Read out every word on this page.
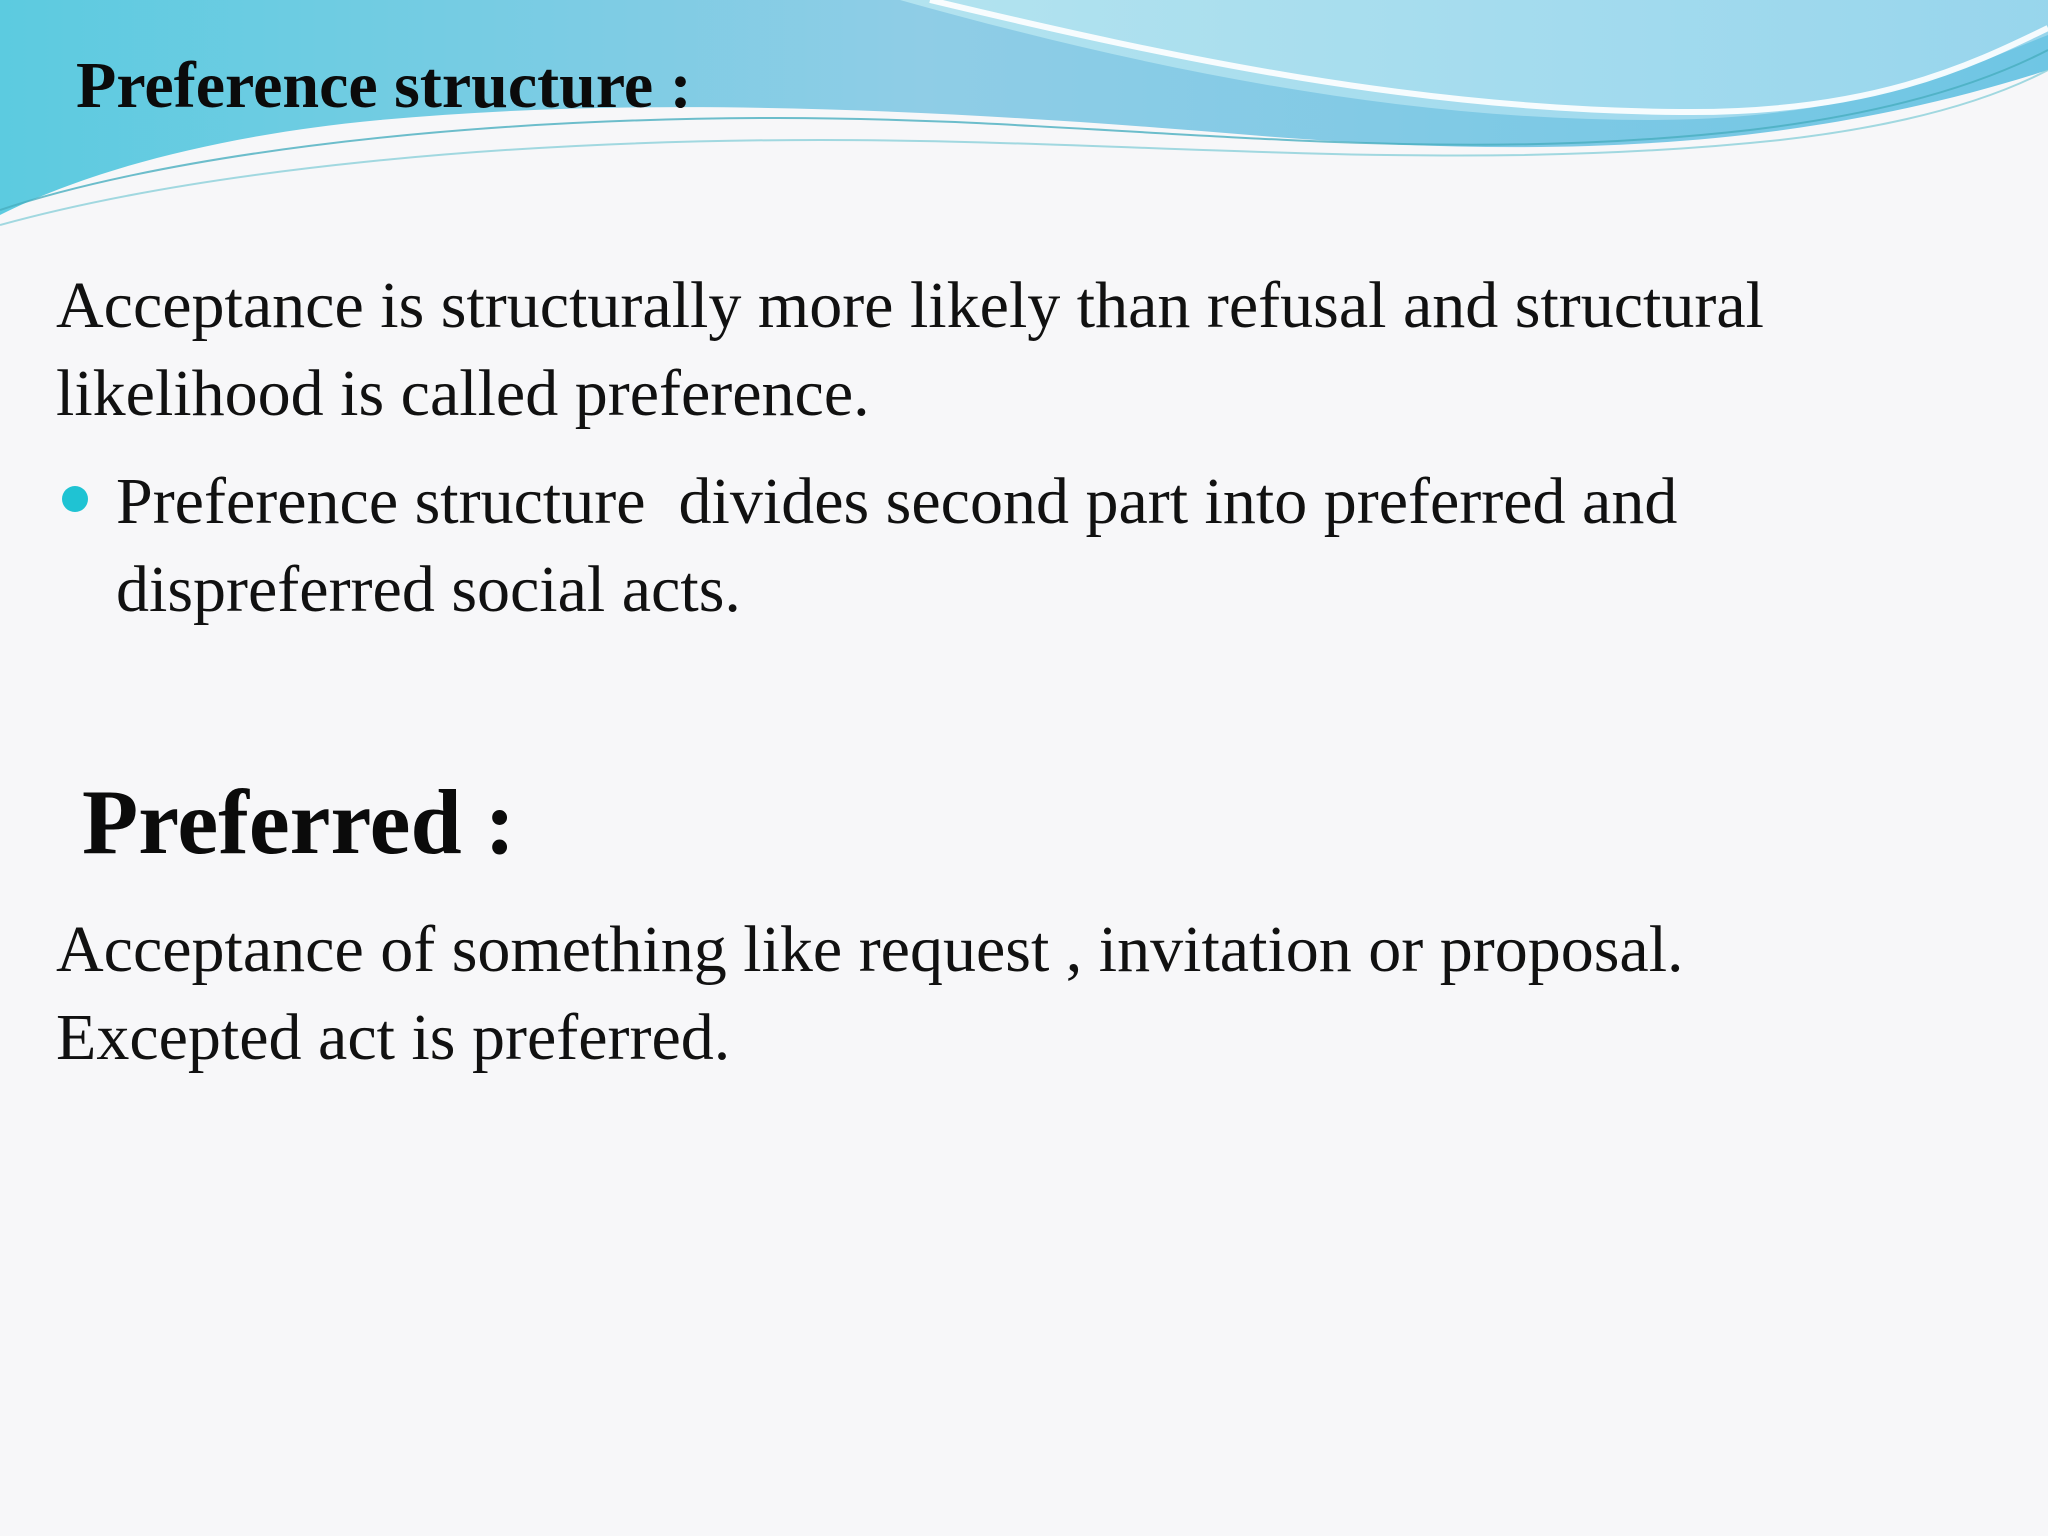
Preference structure :

Acceptance is structurally more likely than refusal and structural likelihood is called preference.

Preference structure  divides second part into preferred and dispreferred social acts.

Preferred :
Acceptance of something like request , invitation or proposal.
Excepted act is preferred.
